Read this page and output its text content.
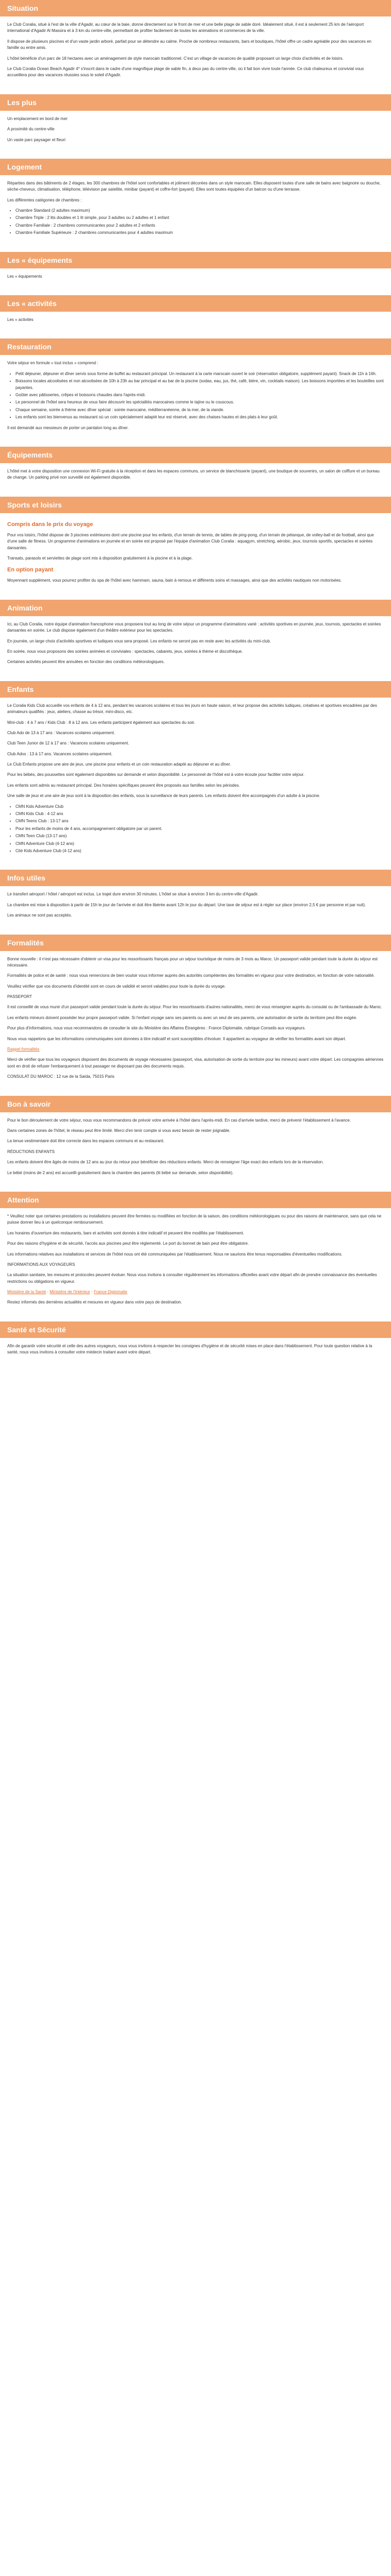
Situation

Le Club Coralia, situé à l'est de la ville d'Agadir, au cœur de la baie, donne directement sur le front de mer et une belle plage de sable doré. Idéalement situé, il est à seulement 25 km de l'aéroport international d'Agadir Al Massira et à 3 km du centre-ville, permettant de profiter facilement de toutes les animations et commerces de la ville.

Il dispose de plusieurs piscines et d'un vaste jardin arboré, parfait pour se détendre au calme. Proche de nombreux restaurants, bars et boutiques, l'hôtel offre un cadre agréable pour des vacances en famille ou entre amis.

L'hôtel bénéficie d'un parc de 18 hectares avec un aménagement de style marocain traditionnel. C'est un village de vacances de qualité proposant un large choix d'activités et de loisirs.

Le Club Coralia Ocean Beach Agadir 4* s'inscrit dans le cadre d'une magnifique plage de sable fin, à deux pas du centre-ville, où il fait bon vivre toute l'année. Ce club chaleureux et convivial vous accueillera pour des vacances réussies sous le soleil d'Agadir.

Les plus

Un emplacement en bord de mer

A proximité du centre-ville

Un vaste parc paysager et fleuri

Logement

Réparties dans des bâtiments de 2 étages, les 300 chambres de l'hôtel sont confortables et joliment décorées dans un style marocain. Elles disposent toutes d'une salle de bains avec baignoire ou douche, sèche-cheveux, climatisation, téléphone, télévision par satellite, minibar (payant) et coffre-fort (payant). Elles sont toutes équipées d'un balcon ou d'une terrasse.

Les différentes catégories de chambres :

• Chambre Standard (2 adultes maximum)
• Chambre Triple : 2 lits doubles et 1 lit simple, pour 3 adultes ou 2 adultes et 1 enfant
• Chambre Familiale : 2 chambres communicantes pour 2 adultes et 2 enfants
• Chambre Familiale Supérieure : 2 chambres communicantes pour 4 adultes maximum
Les « équipements

Les « équipements

Les « activités

Les « activités

Restauration

Votre séjour en formule « tout inclus » comprend :

• Petit déjeuner, déjeuner et dîner servis sous forme de buffet au restaurant principal. Un restaurant à la carte marocain ouvert le soir (réservation obligatoire, supplément payant). Snack de 11h à 16h.
• Boissons locales alcoolisées et non alcoolisées de 10h à 23h au bar principal et au bar de la piscine (sodas, eau, jus, thé, café, bière, vin, cocktails maison). Les boissons importées et les bouteilles sont payantes.
• Goûter avec pâtisseries, crêpes et boissons chaudes dans l'après-midi.
• Le personnel de l'hôtel sera heureux de vous faire découvrir les spécialités marocaines comme le tajine ou le couscous.
• Chaque semaine, soirée à thème avec dîner spécial : soirée marocaine, méditerranéenne, de la mer, de la viande.
• Les enfants sont les bienvenus au restaurant où un coin spécialement adapté leur est réservé, avec des chaises hautes et des plats à leur goût.

Il est demandé aux messieurs de porter un pantalon long au dîner.

Équipements

L'hôtel met à votre disposition une connexion Wi-Fi gratuite à la réception et dans les espaces communs, un service de blanchisserie (payant), une boutique de souvenirs, un salon de coiffure et un bureau de change. Un parking privé non surveillé est également disponible.

Sports et loisirs
Compris dans le prix du voyage

Pour vos loisirs, l'hôtel dispose de 3 piscines extérieures dont une piscine pour les enfants, d'un terrain de tennis, de tables de ping-pong, d'un terrain de pétanque, de volley-ball et de football, ainsi que d'une salle de fitness. Un programme d'animations en journée et en soirée est proposé par l'équipe d'animation Club Coralia : aquagym, stretching, aérobic, jeux, tournois sportifs, spectacles et soirées dansantes.

Transats, parasols et serviettes de plage sont mis à disposition gratuitement à la piscine et à la plage.

En option payant

Moyennant supplément, vous pourrez profiter du spa de l'hôtel avec hammam, sauna, bain à remous et différents soins et massages, ainsi que des activités nautiques non motorisées.

Animation

Ici, au Club Coralia, notre équipe d'animation francophone vous proposera tout au long de votre séjour un programme d'animations varié : activités sportives en journée, jeux, tournois, spectacles et soirées dansantes en soirée. Le club dispose également d'un théâtre extérieur pour les spectacles.

En journée, un large choix d'activités sportives et ludiques vous sera proposé. Les enfants ne seront pas en reste avec les activités du mini-club.

En soirée, nous vous proposons des soirées animées et conviviales : spectacles, cabarets, jeux, soirées à thème et discothèque.

Certaines activités peuvent être annulées en fonction des conditions météorologiques.

Enfants

Le Coralia Kids Club accueille vos enfants de 4 à 12 ans, pendant les vacances scolaires et tous les jours en haute saison, et leur propose des activités ludiques, créatives et sportives encadrées par des animateurs qualifiés : jeux, ateliers, chasse au trésor, mini-disco, etc.

Mini-club : 4 à 7 ans / Kids Club : 8 à 12 ans. Les enfants participent également aux spectacles du soir.

Club Ado de 13 à 17 ans : Vacances scolaires uniquement.

Club Teen Junior de 12 à 17 ans : Vacances scolaires uniquement.

Club Ados : 13 à 17 ans. Vacances scolaires uniquement.

Le Club Enfants propose une aire de jeux, une piscine pour enfants et un coin restauration adapté au déjeuner et au dîner.

Pour les bébés, des poussettes sont également disponibles sur demande et selon disponibilité. Le personnel de l'hôtel est à votre écoute pour faciliter votre séjour.

Les enfants sont admis au restaurant principal. Des horaires spécifiques peuvent être proposés aux familles selon les périodes.

Une salle de jeux et une aire de jeux sont à la disposition des enfants, sous la surveillance de leurs parents. Les enfants doivent être accompagnés d'un adulte à la piscine.

• CMN Kids Adventure Club
• CMN Kids Club : 4-12 ans
• CMN Teens Club : 13-17 ans
• Pour les enfants de moins de 4 ans, accompagnement obligatoire par un parent.
• CMN Teen Club (13-17 ans)
• CMN Adventure Club (4-12 ans)
• Cité Kids Adventure Club (4-12 ans)
Infos utiles

Le transfert aéroport / hôtel / aéroport est inclus. Le trajet dure environ 30 minutes. L'hôtel se situe à environ 3 km du centre-ville d'Agadir.

La chambre est mise à disposition à partir de 15h le jour de l'arrivée et doit être libérée avant 12h le jour du départ. Une taxe de séjour est à régler sur place (environ 2,5 € par personne et par nuit).

Les animaux ne sont pas acceptés.

Formalités

Bonne nouvelle : il n'est pas nécessaire d'obtenir un visa pour les ressortissants français pour un séjour touristique de moins de 3 mois au Maroc. Un passeport valide pendant toute la durée du séjour est nécessaire.

Formalités de police et de santé : nous vous remercions de bien vouloir vous informer auprès des autorités compétentes des formalités en vigueur pour votre destination, en fonction de votre nationalité.

Veuillez vérifier que vos documents d'identité sont en cours de validité et seront valables pour toute la durée du voyage.

PASSEPORT

Il est conseillé de vous munir d'un passeport valide pendant toute la durée du séjour. Pour les ressortissants d'autres nationalités, merci de vous renseigner auprès du consulat ou de l'ambassade du Maroc.

Les enfants mineurs doivent posséder leur propre passeport valide. Si l'enfant voyage sans ses parents ou avec un seul de ses parents, une autorisation de sortie du territoire peut être exigée.

Pour plus d'informations, nous vous recommandons de consulter le site du Ministère des Affaires Étrangères : France Diplomatie, rubrique Conseils aux voyageurs.

Nous vous rappelons que les informations communiquées sont données à titre indicatif et sont susceptibles d'évoluer. Il appartient au voyageur de vérifier les formalités avant son départ.

Rappel formalités

Merci de vérifier que tous les voyageurs disposent des documents de voyage nécessaires (passeport, visa, autorisation de sortie du territoire pour les mineurs) avant votre départ. Les compagnies aériennes sont en droit de refuser l'embarquement à tout passager ne disposant pas des documents requis.

CONSULAT DU MAROC : 12 rue de la Saïda, 75015 Paris

Bon à savoir

Pour le bon déroulement de votre séjour, nous vous recommandons de prévoir votre arrivée à l'hôtel dans l'après-midi. En cas d'arrivée tardive, merci de prévenir l'établissement à l'avance.

Dans certaines zones de l'hôtel, le réseau peut être limité. Merci d'en tenir compte si vous avez besoin de rester joignable.

La tenue vestimentaire doit être correcte dans les espaces communs et au restaurant.

RÉDUCTIONS ENFANTS

Les enfants doivent être âgés de moins de 12 ans au jour du retour pour bénéficier des réductions enfants. Merci de renseigner l'âge exact des enfants lors de la réservation.

Le bébé (moins de 2 ans) est accueilli gratuitement dans la chambre des parents (lit bébé sur demande, selon disponibilité).

Attention

* Veuillez noter que certaines prestations ou installations peuvent être fermées ou modifiées en fonction de la saison, des conditions météorologiques ou pour des raisons de maintenance, sans que cela ne puisse donner lieu à un quelconque remboursement.

Les horaires d'ouverture des restaurants, bars et activités sont donnés à titre indicatif et peuvent être modifiés par l'établissement.

Pour des raisons d'hygiène et de sécurité, l'accès aux piscines peut être réglementé. Le port du bonnet de bain peut être obligatoire.

Les informations relatives aux installations et services de l'hôtel nous ont été communiquées par l'établissement. Nous ne saurions être tenus responsables d'éventuelles modifications.

INFORMATIONS AUX VOYAGEURS

La situation sanitaire, les mesures et protocoles peuvent évoluer. Nous vous invitons à consulter régulièrement les informations officielles avant votre départ afin de prendre connaissance des éventuelles restrictions ou obligations en vigueur.

Ministère de la Santé · Ministère de l'Intérieur · France Diplomatie

Restez informés des dernières actualités et mesures en vigueur dans votre pays de destination.

Santé et Sécurité

Afin de garantir votre sécurité et celle des autres voyageurs, nous vous invitons à respecter les consignes d'hygiène et de sécurité mises en place dans l'établissement. Pour toute question relative à la santé, nous vous invitons à consulter votre médecin traitant avant votre départ.
